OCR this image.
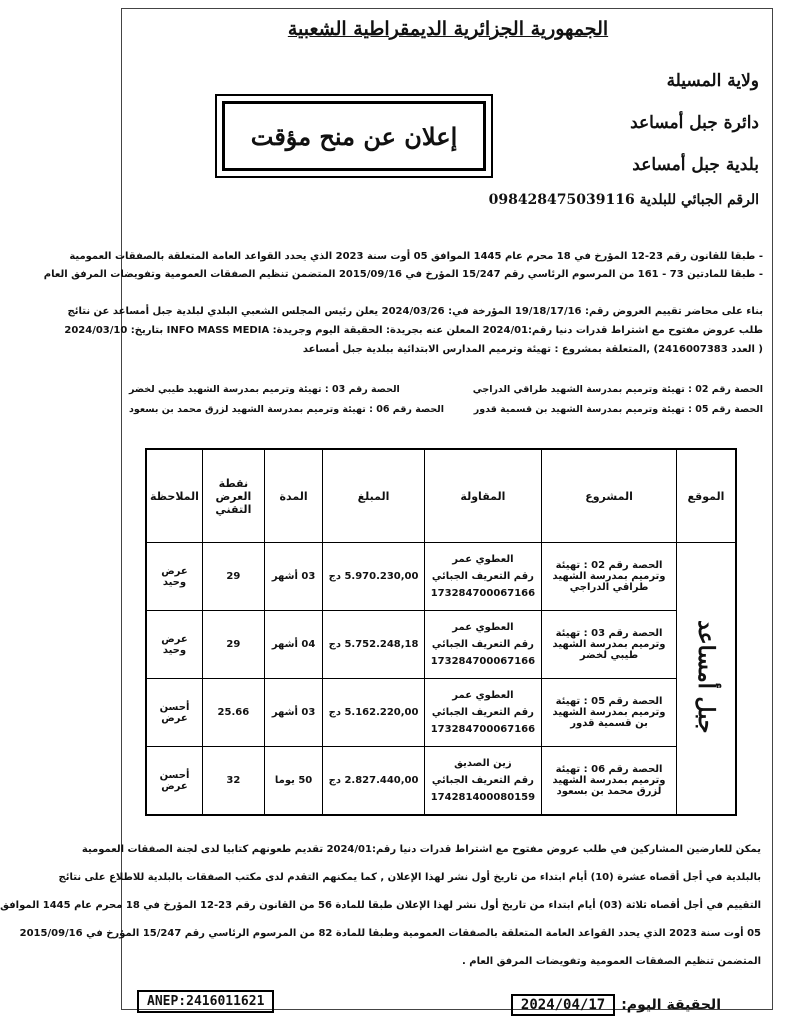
الجمهورية الجزائرية الديمقراطية الشعبية
ولاية المسيلة
دائرة جبل أمساعد
بلدية جبل أمساعد
الرقم الجبائي للبلدية 098428475039116
إعلان عن منح مؤقت
- طبقا للقانون رقم 23-12 المؤرخ في 18 محرم عام 1445 الموافق 05 أوت سنة 2023 الذي يحدد القواعد العامة المتعلقة بالصفقات العمومية
- طبقا للمادتين 73 - 161 من المرسوم الرئاسي رقم 15/247 المؤرخ في 2015/09/16 المتضمن تنظيم الصفقات العمومية وتفويضات المرفق العام
بناء على محاضر تقييم العروض رقم: 19/18/17/16 المؤرخة في: 2024/03/26 يعلن رئيس المجلس الشعبي البلدي لبلدية جبل أمساعد عن نتائج
طلب عروض مفتوح مع اشتراط قدرات دنيا رقم:2024/01 المعلن عنه بجريدة: الحقيقة اليوم وجريدة: INFO MASS MEDIA بتاريخ: 2024/03/10
( العدد 2416007383) ,المتعلقة بمشروع : تهيئة وترميم المدارس الابتدائية ببلدية جبل أمساعد
الحصة رقم 02 : تهيئة وترميم بمدرسة الشهيد طراقي الدراجي
الحصة رقم 03 : تهيئة وترميم بمدرسة الشهيد طيبي لخضر
الحصة رقم 05 : تهيئة وترميم بمدرسة الشهيد بن قسمية قدور
الحصة رقم 06 : تهيئة وترميم بمدرسة الشهيد لزرق محمد بن بسعود
الموقع	المشروع	المقاولة	المبلغ	المدة	نقطة العرض التقني	الملاحظة
جبل أمساعد	الحصة رقم 02 : تهيئة وترميم بمدرسة الشهيد طراقي الدراجي	العطوي عمر
رقم التعريف الجبائي
173284700067166	5.970.230,00 دج	03 أشهر	29	عرض وحيد
	الحصة رقم 03 : تهيئة وترميم بمدرسة الشهيد طيبي لخضر	العطوي عمر
رقم التعريف الجبائي
173284700067166	5.752.248,18 دج	04 أشهر	29	عرض وحيد
	الحصة رقم 05 : تهيئة وترميم بمدرسة الشهيد بن قسمية قدور	العطوي عمر
رقم التعريف الجبائي
173284700067166	5.162.220,00 دج	03 أشهر	25.66	أحسن عرض
	الحصة رقم 06 : تهيئة وترميم بمدرسة الشهيد لزرق محمد بن بسعود	زين الصديق
رقم التعريف الجبائي
174281400080159	2.827.440,00 دج	50 يوما	32	أحسن عرض
يمكن للعارضين المشاركين في طلب عروض مفتوح مع اشتراط قدرات دنيا رقم:2024/01 تقديم طعونهم كتابيا لدى لجنة الصفقات العمومية
بالبلدية في أجل أقصاه عشرة (10) أيام ابتداء من تاريخ أول نشر لهذا الإعلان , كما يمكنهم التقدم لدى مكتب الصفقات بالبلدية للاطلاع على نتائج
التقييم في أجل أقصاه ثلاثة (03) أيام ابتداء من تاريخ أول نشر لهذا الإعلان طبقا للمادة 56 من القانون رقم 23-12 المؤرخ في 18 محرم عام 1445 الموافق
05 أوت سنة 2023 الذي يحدد القواعد العامة المتعلقة بالصفقات العمومية وطبقا للمادة 82 من المرسوم الرئاسي رقم 15/247 المؤرخ في 2015/09/16
المتضمن تنظيم الصفقات العمومية وتفويضات المرفق العام .
ANEP:2416011621	الحقيقة اليوم:
2024/04/17
